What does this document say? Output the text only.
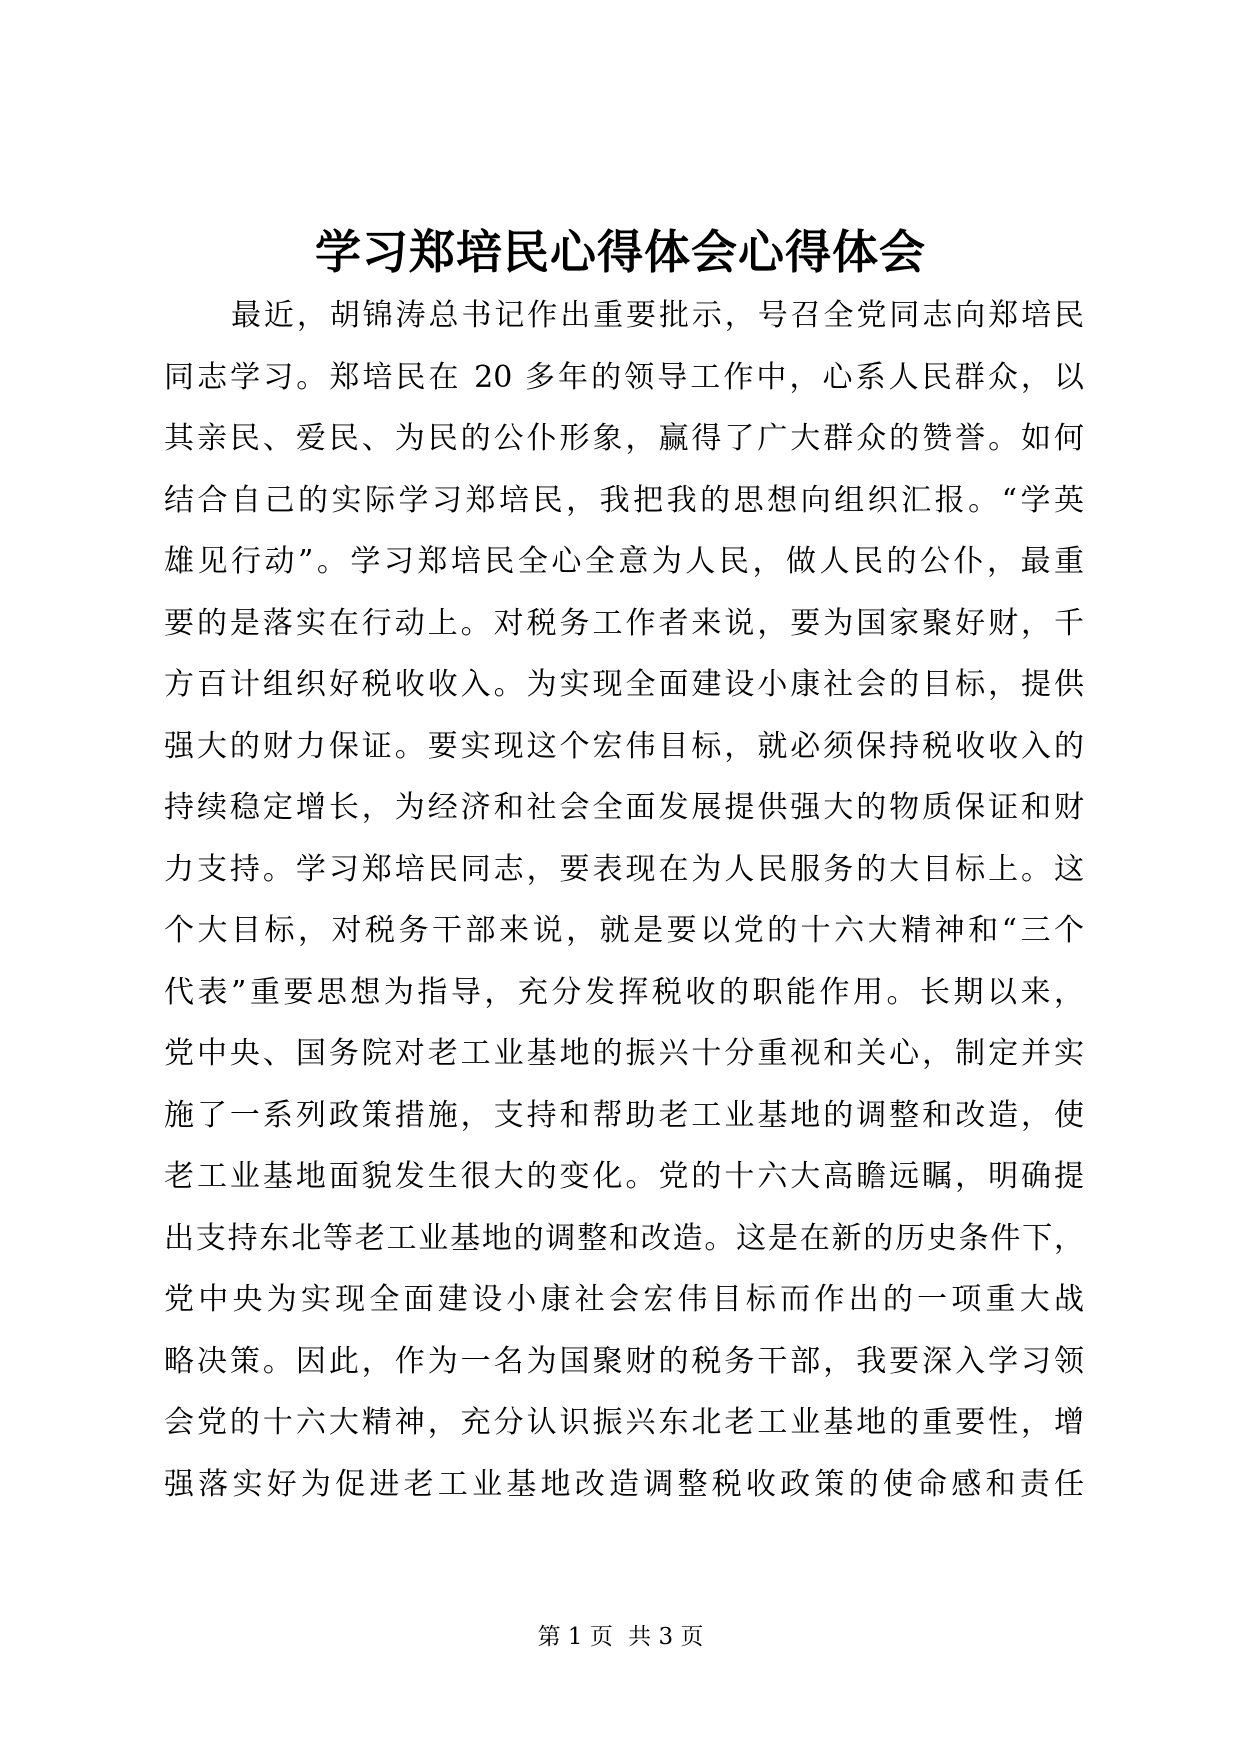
学习郑培民心得体会心得体会
最近，胡锦涛总书记作出重要批示，号召全党同志向郑培民
同志学习。郑培民在 20 多年的领导工作中，心系人民群众，以
其亲民、爱民、为民的公仆形象，赢得了广大群众的赞誉。如何
结合自己的实际学习郑培民，我把我的思想向组织汇报。“学英
雄见行动”。学习郑培民全心全意为人民，做人民的公仆，最重
要的是落实在行动上。对税务工作者来说，要为国家聚好财，千
方百计组织好税收收入。为实现全面建设小康社会的目标，提供
强大的财力保证。要实现这个宏伟目标，就必须保持税收收入的
持续稳定增长，为经济和社会全面发展提供强大的物质保证和财
力支持。学习郑培民同志，要表现在为人民服务的大目标上。这
个大目标，对税务干部来说，就是要以党的十六大精神和“三个
代表”重要思想为指导，充分发挥税收的职能作用。长期以来，
党中央、国务院对老工业基地的振兴十分重视和关心，制定并实
施了一系列政策措施，支持和帮助老工业基地的调整和改造，使
老工业基地面貌发生很大的变化。党的十六大高瞻远瞩，明确提
出支持东北等老工业基地的调整和改造。这是在新的历史条件下，
党中央为实现全面建设小康社会宏伟目标而作出的一项重大战
略决策。因此，作为一名为国聚财的税务干部，我要深入学习领
会党的十六大精神，充分认识振兴东北老工业基地的重要性，增
强落实好为促进老工业基地改造调整税收政策的使命感和责任
第 1 页 共 3 页
